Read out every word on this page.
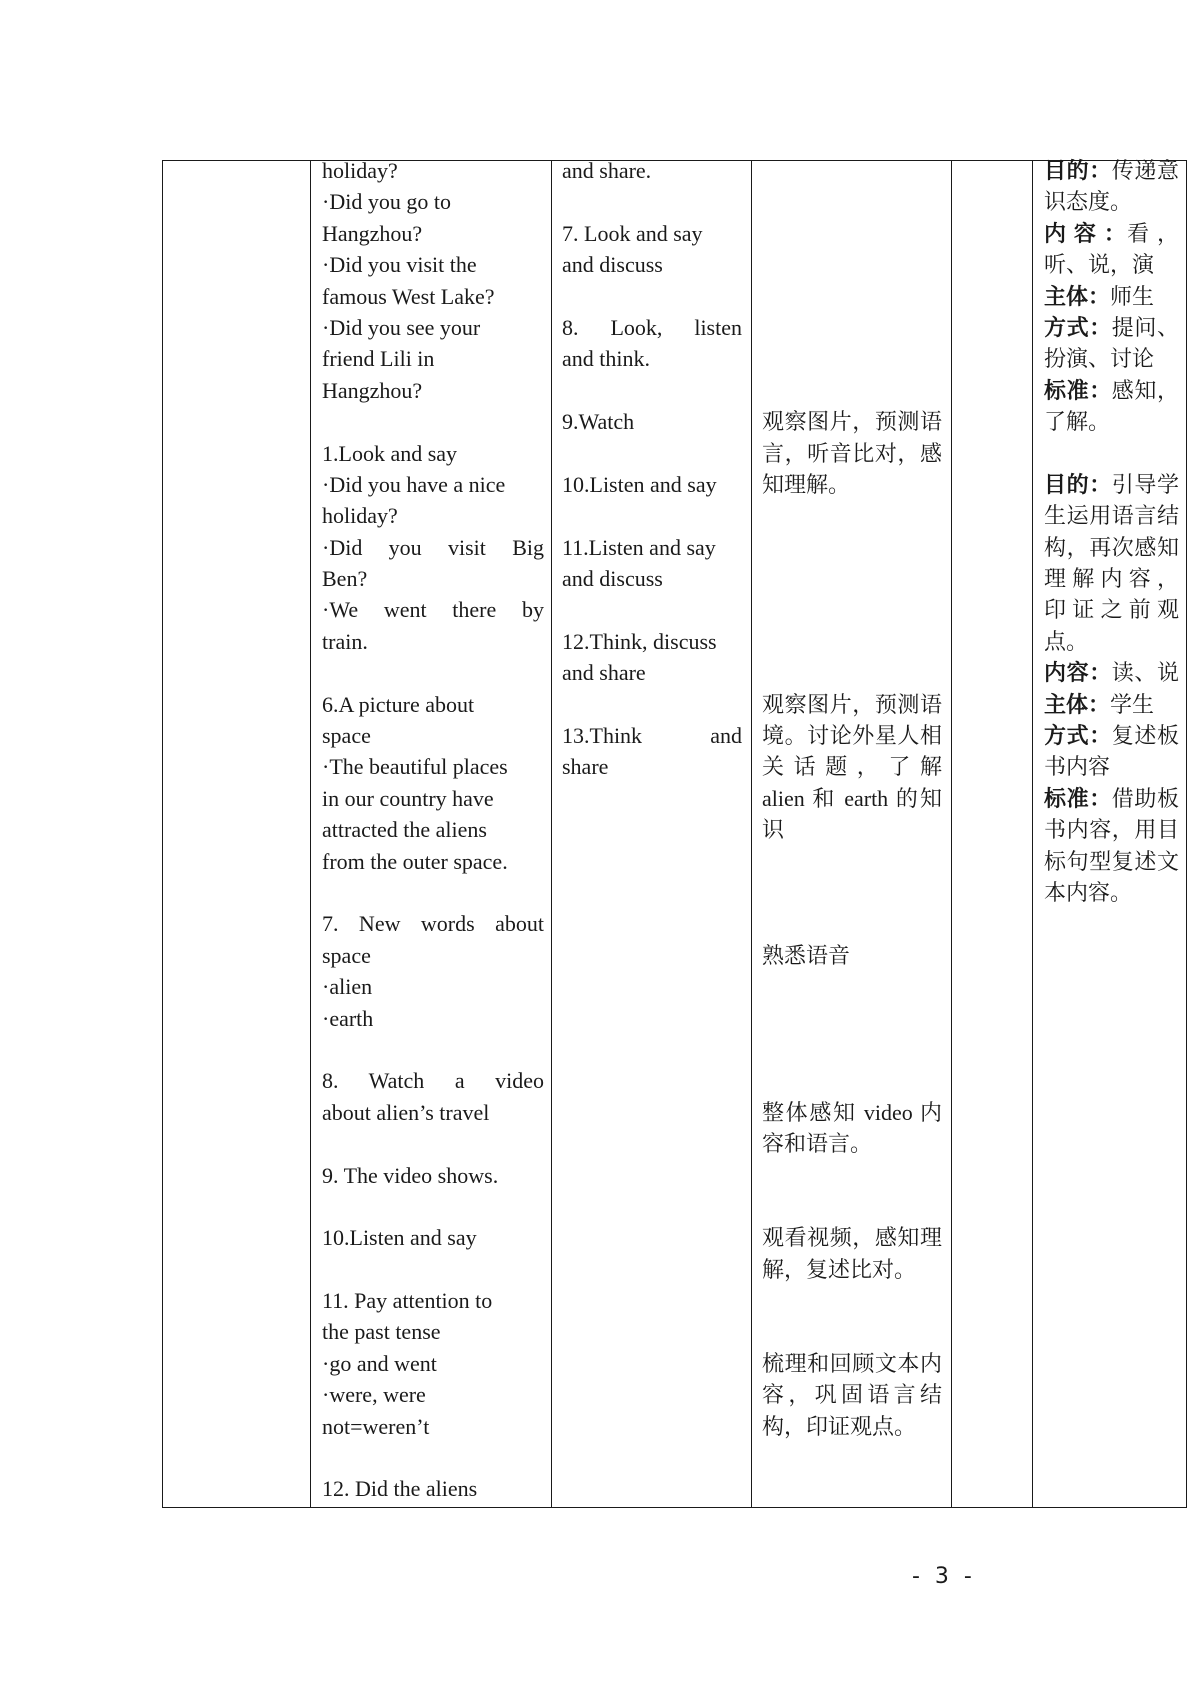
holiday?
·Did you go to
Hangzhou?
·Did you visit the
famous West Lake?
·Did you see your
friend Lili in
Hangzhou?
1.Look and say
·Did you have a nice
holiday?
·Did you visit Big
Ben?
·We went there by
train.
6.A picture about
space
·The beautiful places
in our country have
attracted the aliens
from the outer space.
7. New words about
space
·alien
·earth
8. Watch a video
about alien’s travel
9. The video shows.
10.Listen and say
11. Pay attention to
the past tense
·go and went
·were, were
not=weren’t
12. Did the aliens
and share.
7. Look and say
and discuss
8. Look, listen
and think.
9.Watch
10.Listen and say
11.Listen and say
and discuss
12.Think, discuss
and share
13.Think and
share
观察图片，预测语
言，听音比对，感
知理解。
观察图片，预测语
境。讨论外星人相
关 话 题 ， 了 解
alien 和 earth 的知
识
熟悉语音
整体感知 video 内
容和语言。
观看视频，感知理
解，复述比对。
梳理和回顾文本内
容，巩固语言结
构，印证观点。
目的：传递意
识态度。
内 容 ：看 ，
听、说，演
主体：师生
方式：提问、
扮演、讨论
标准：感知，
了解。
目的：引导学
生运用语言结
构，再次感知
理 解 内 容 ，
印 证 之 前 观
点。
内容：读、说
主体：学生
方式：复述板
书内容
标准：借助板
书内容，用目
标句型复述文
本内容。
- 3 -
